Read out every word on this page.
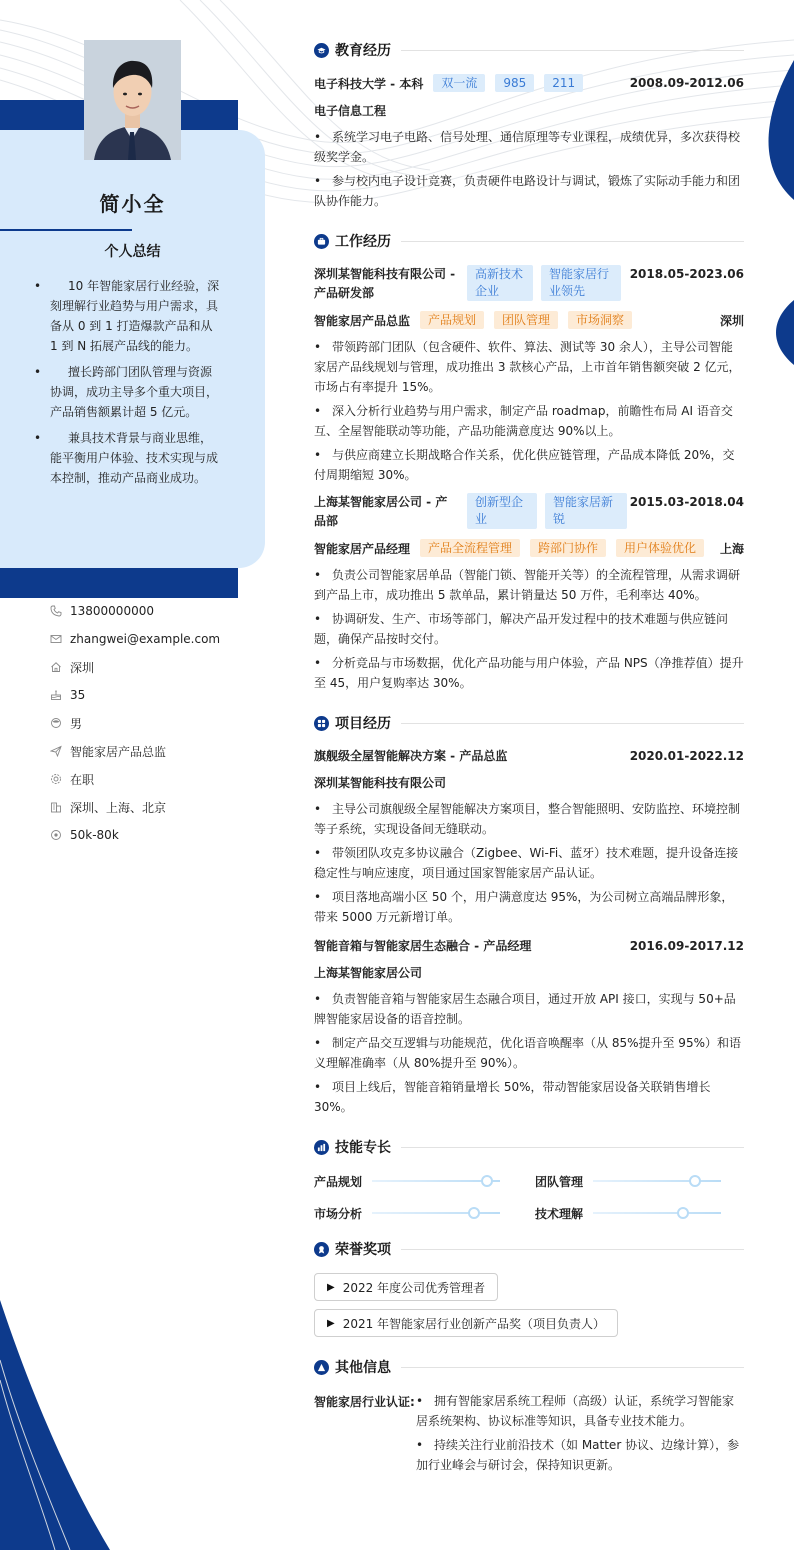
简小全
个人总结
• 10 年智能家居行业经验，深刻理解行业趋势与用户需求，具备从 0 到 1 打造爆款产品和从 1 到 N 拓展产品线的能力。
• 擅长跨部门团队管理与资源协调，成功主导多个重大项目，产品销售额累计超 5 亿元。
• 兼具技术背景与商业思维，能平衡用户体验、技术实现与成本控制，推动产品商业成功。
13800000000
zhangwei@example.com
深圳
35
男
智能家居产品总监
在职
深圳、上海、北京
50k-80k
教育经历
电子科技大学 - 本科	双一流	985	211	2008.09-2012.06
电子信息工程
• 系统学习电子电路、信号处理、通信原理等专业课程，成绩优异，多次获得校级奖学金。
• 参与校内电子设计竞赛，负责硬件电路设计与调试，锻炼了实际动手能力和团队协作能力。
工作经历
深圳某智能科技有限公司 - 产品研发部
高新技术企业
智能家居行业领先
2018.05-2023.06
智能家居产品总监	产品规划	团队管理	市场洞察	深圳
• 带领跨部门团队（包含硬件、软件、算法、测试等 30 余人），主导公司智能家居产品线规划与管理，成功推出 3 款核心产品，上市首年销售额突破 2 亿元，市场占有率提升 15%。
• 深入分析行业趋势与用户需求，制定产品 roadmap，前瞻性布局 AI 语音交互、全屋智能联动等功能，产品功能满意度达 90%以上。
• 与供应商建立长期战略合作关系，优化供应链管理，产品成本降低 20%，交付周期缩短 30%。
上海某智能家居公司 - 产品部
创新型企业
智能家居新锐
2015.03-2018.04
智能家居产品经理	产品全流程管理	跨部门协作	用户体验优化	上海
• 负责公司智能家居单品（智能门锁、智能开关等）的全流程管理，从需求调研到产品上市，成功推出 5 款单品，累计销量达 50 万件，毛利率达 40%。
• 协调研发、生产、市场等部门，解决产品开发过程中的技术难题与供应链问题，确保产品按时交付。
• 分析竞品与市场数据，优化产品功能与用户体验，产品 NPS（净推荐值）提升至 45，用户复购率达 30%。
项目经历
旗舰级全屋智能解决方案 - 产品总监	2020.01-2022.12
深圳某智能科技有限公司
• 主导公司旗舰级全屋智能解决方案项目，整合智能照明、安防监控、环境控制等子系统，实现设备间无缝联动。
• 带领团队攻克多协议融合（Zigbee、Wi-Fi、蓝牙）技术难题，提升设备连接稳定性与响应速度，项目通过国家智能家居产品认证。
• 项目落地高端小区 50 个，用户满意度达 95%，为公司树立高端品牌形象，带来 5000 万元新增订单。
智能音箱与智能家居生态融合 - 产品经理	2016.09-2017.12
上海某智能家居公司
• 负责智能音箱与智能家居生态融合项目，通过开放 API 接口，实现与 50+品牌智能家居设备的语音控制。
• 制定产品交互逻辑与功能规范，优化语音唤醒率（从 85%提升至 95%）和语义理解准确率（从 80%提升至 90%）。
• 项目上线后，智能音箱销量增长 50%，带动智能家居设备关联销售增长 30%。
技能专长
产品规划	团队管理
市场分析	技术理解
荣誉奖项
▶ 2022 年度公司优秀管理者
▶ 2021 年智能家居行业创新产品奖（项目负责人）
其他信息
智能家居行业认证:
•	拥有智能家居系统工程师（高级）认证，系统学习智能家居系统架构、协议标准等知识，具备专业技术能力。
• 持续关注行业前沿技术（如 Matter 协议、边缘计算），参加行业峰会与研讨会，保持知识更新。
